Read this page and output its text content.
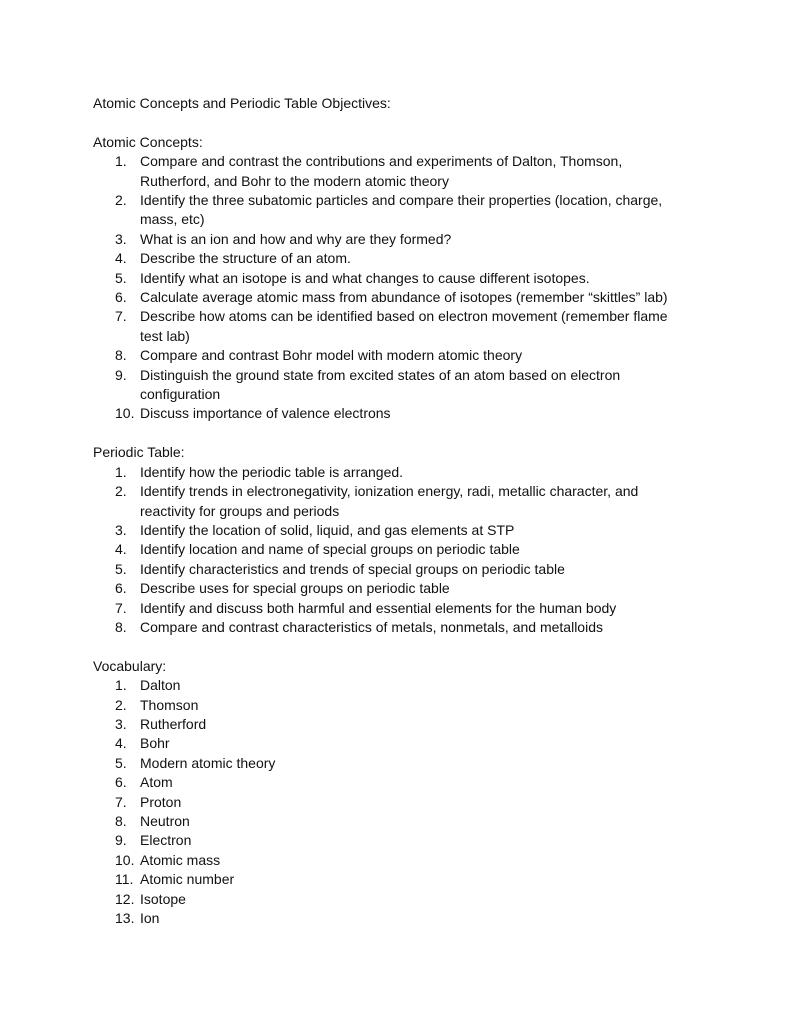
Atomic Concepts and Periodic Table Objectives:

Atomic Concepts:

1. Compare and contrast the contributions and experiments of Dalton, Thomson,
Rutherford, and Bohr to the modern atomic theory
2. Identify the three subatomic particles and compare their properties (location, charge,
mass, etc)
3. What is an ion and how and why are they formed?
4. Describe the structure of an atom.
5. Identify what an isotope is and what changes to cause different isotopes.
6. Calculate average atomic mass from abundance of isotopes (remember “skittles” lab)
7. Describe how atoms can be identified based on electron movement (remember flame
test lab)
8. Compare and contrast Bohr model with modern atomic theory
9. Distinguish the ground state from excited states of an atom based on electron
configuration
10. Discuss importance of valence electrons

Periodic Table:

1. Identify how the periodic table is arranged.
2. Identify trends in electronegativity, ionization energy, radi, metallic character, and
reactivity for groups and periods
3. Identify the location of solid, liquid, and gas elements at STP
4. Identify location and name of special groups on periodic table
5. Identify characteristics and trends of special groups on periodic table
6. Describe uses for special groups on periodic table
7. Identify and discuss both harmful and essential elements for the human body
8. Compare and contrast characteristics of metals, nonmetals, and metalloids

Vocabulary:

1. Dalton
2. Thomson
3. Rutherford
4. Bohr
5. Modern atomic theory
6. Atom
7. Proton
8. Neutron
9. Electron
10. Atomic mass
11. Atomic number
12. Isotope
13. Ion
